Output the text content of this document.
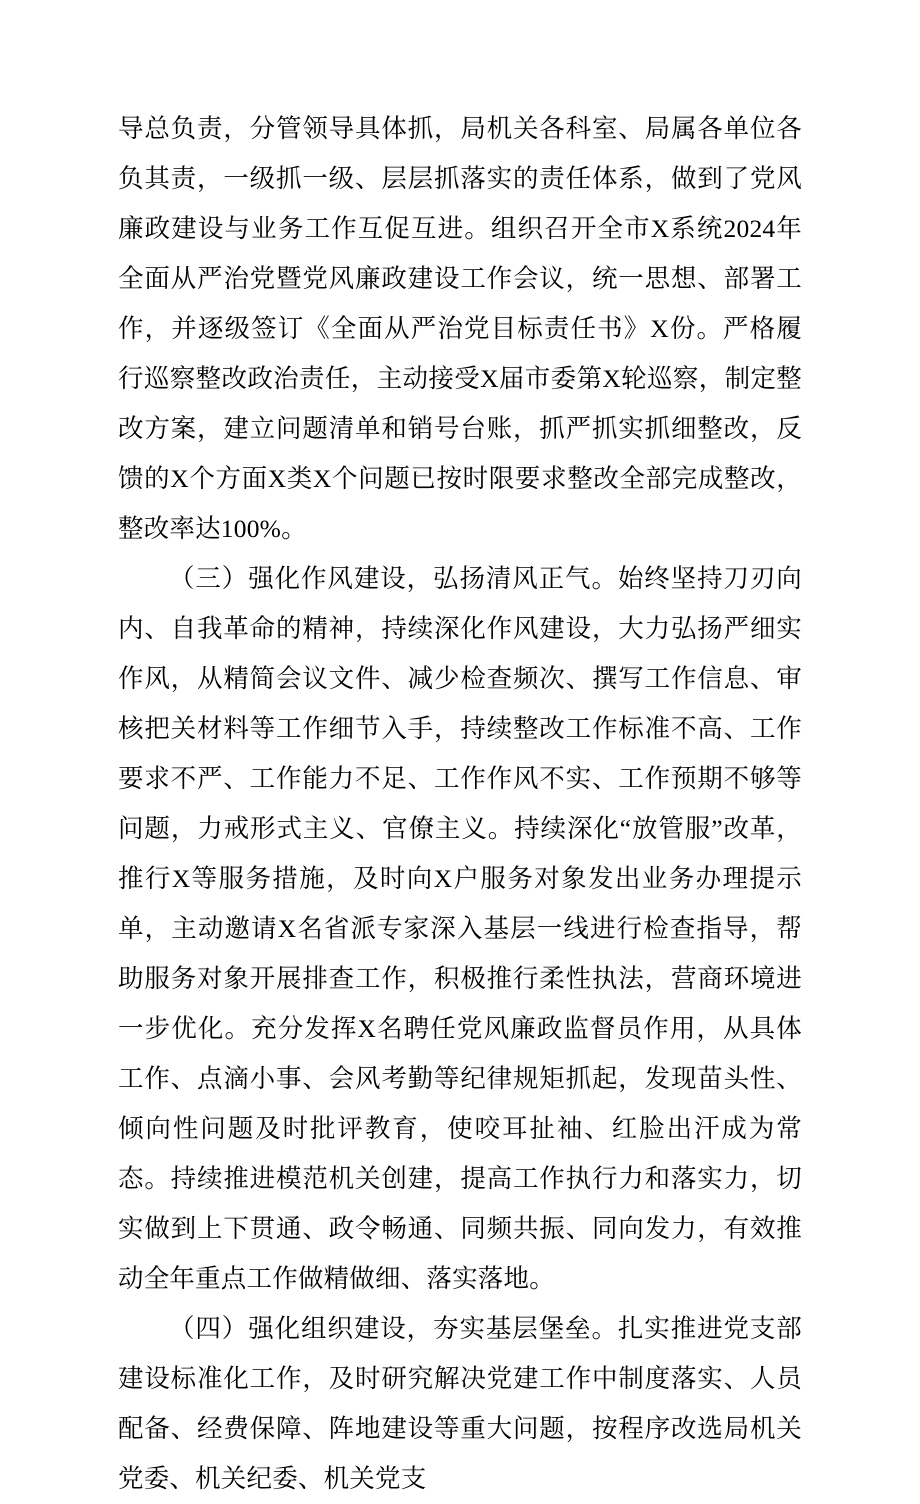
导总负责，分管领导具体抓，局机关各科室、局属各单位各负其责，一级抓一级、层层抓落实的责任体系，做到了党风廉政建设与业务工作互促互进。组织召开全市X系统2024年全面从严治党暨党风廉政建设工作会议，统一思想、部署工作，并逐级签订《全面从严治党目标责任书》X份。严格履行巡察整改政治责任，主动接受X届市委第X轮巡察，制定整改方案，建立问题清单和销号台账，抓严抓实抓细整改，反馈的X个方面X类X个问题已按时限要求整改全部完成整改，整改率达100%。

（三）强化作风建设，弘扬清风正气。始终坚持刀刃向内、自我革命的精神，持续深化作风建设，大力弘扬严细实作风，从精简会议文件、减少检查频次、撰写工作信息、审核把关材料等工作细节入手，持续整改工作标准不高、工作要求不严、工作能力不足、工作作风不实、工作预期不够等问题，力戒形式主义、官僚主义。持续深化“放管服”改革，推行X等服务措施，及时向X户服务对象发出业务办理提示单，主动邀请X名省派专家深入基层一线进行检查指导，帮助服务对象开展排查工作，积极推行柔性执法，营商环境进一步优化。充分发挥X名聘任党风廉政监督员作用，从具体工作、点滴小事、会风考勤等纪律规矩抓起，发现苗头性、倾向性问题及时批评教育，使咬耳扯袖、红脸出汗成为常态。持续推进模范机关创建，提高工作执行力和落实力，切实做到上下贯通、政令畅通、同频共振、同向发力，有效推动全年重点工作做精做细、落实落地。

（四）强化组织建设，夯实基层堡垒。扎实推进党支部建设标准化工作，及时研究解决党建工作中制度落实、人员配备、经费保障、阵地建设等重大问题，按程序改选局机关党委、机关纪委、机关党支
